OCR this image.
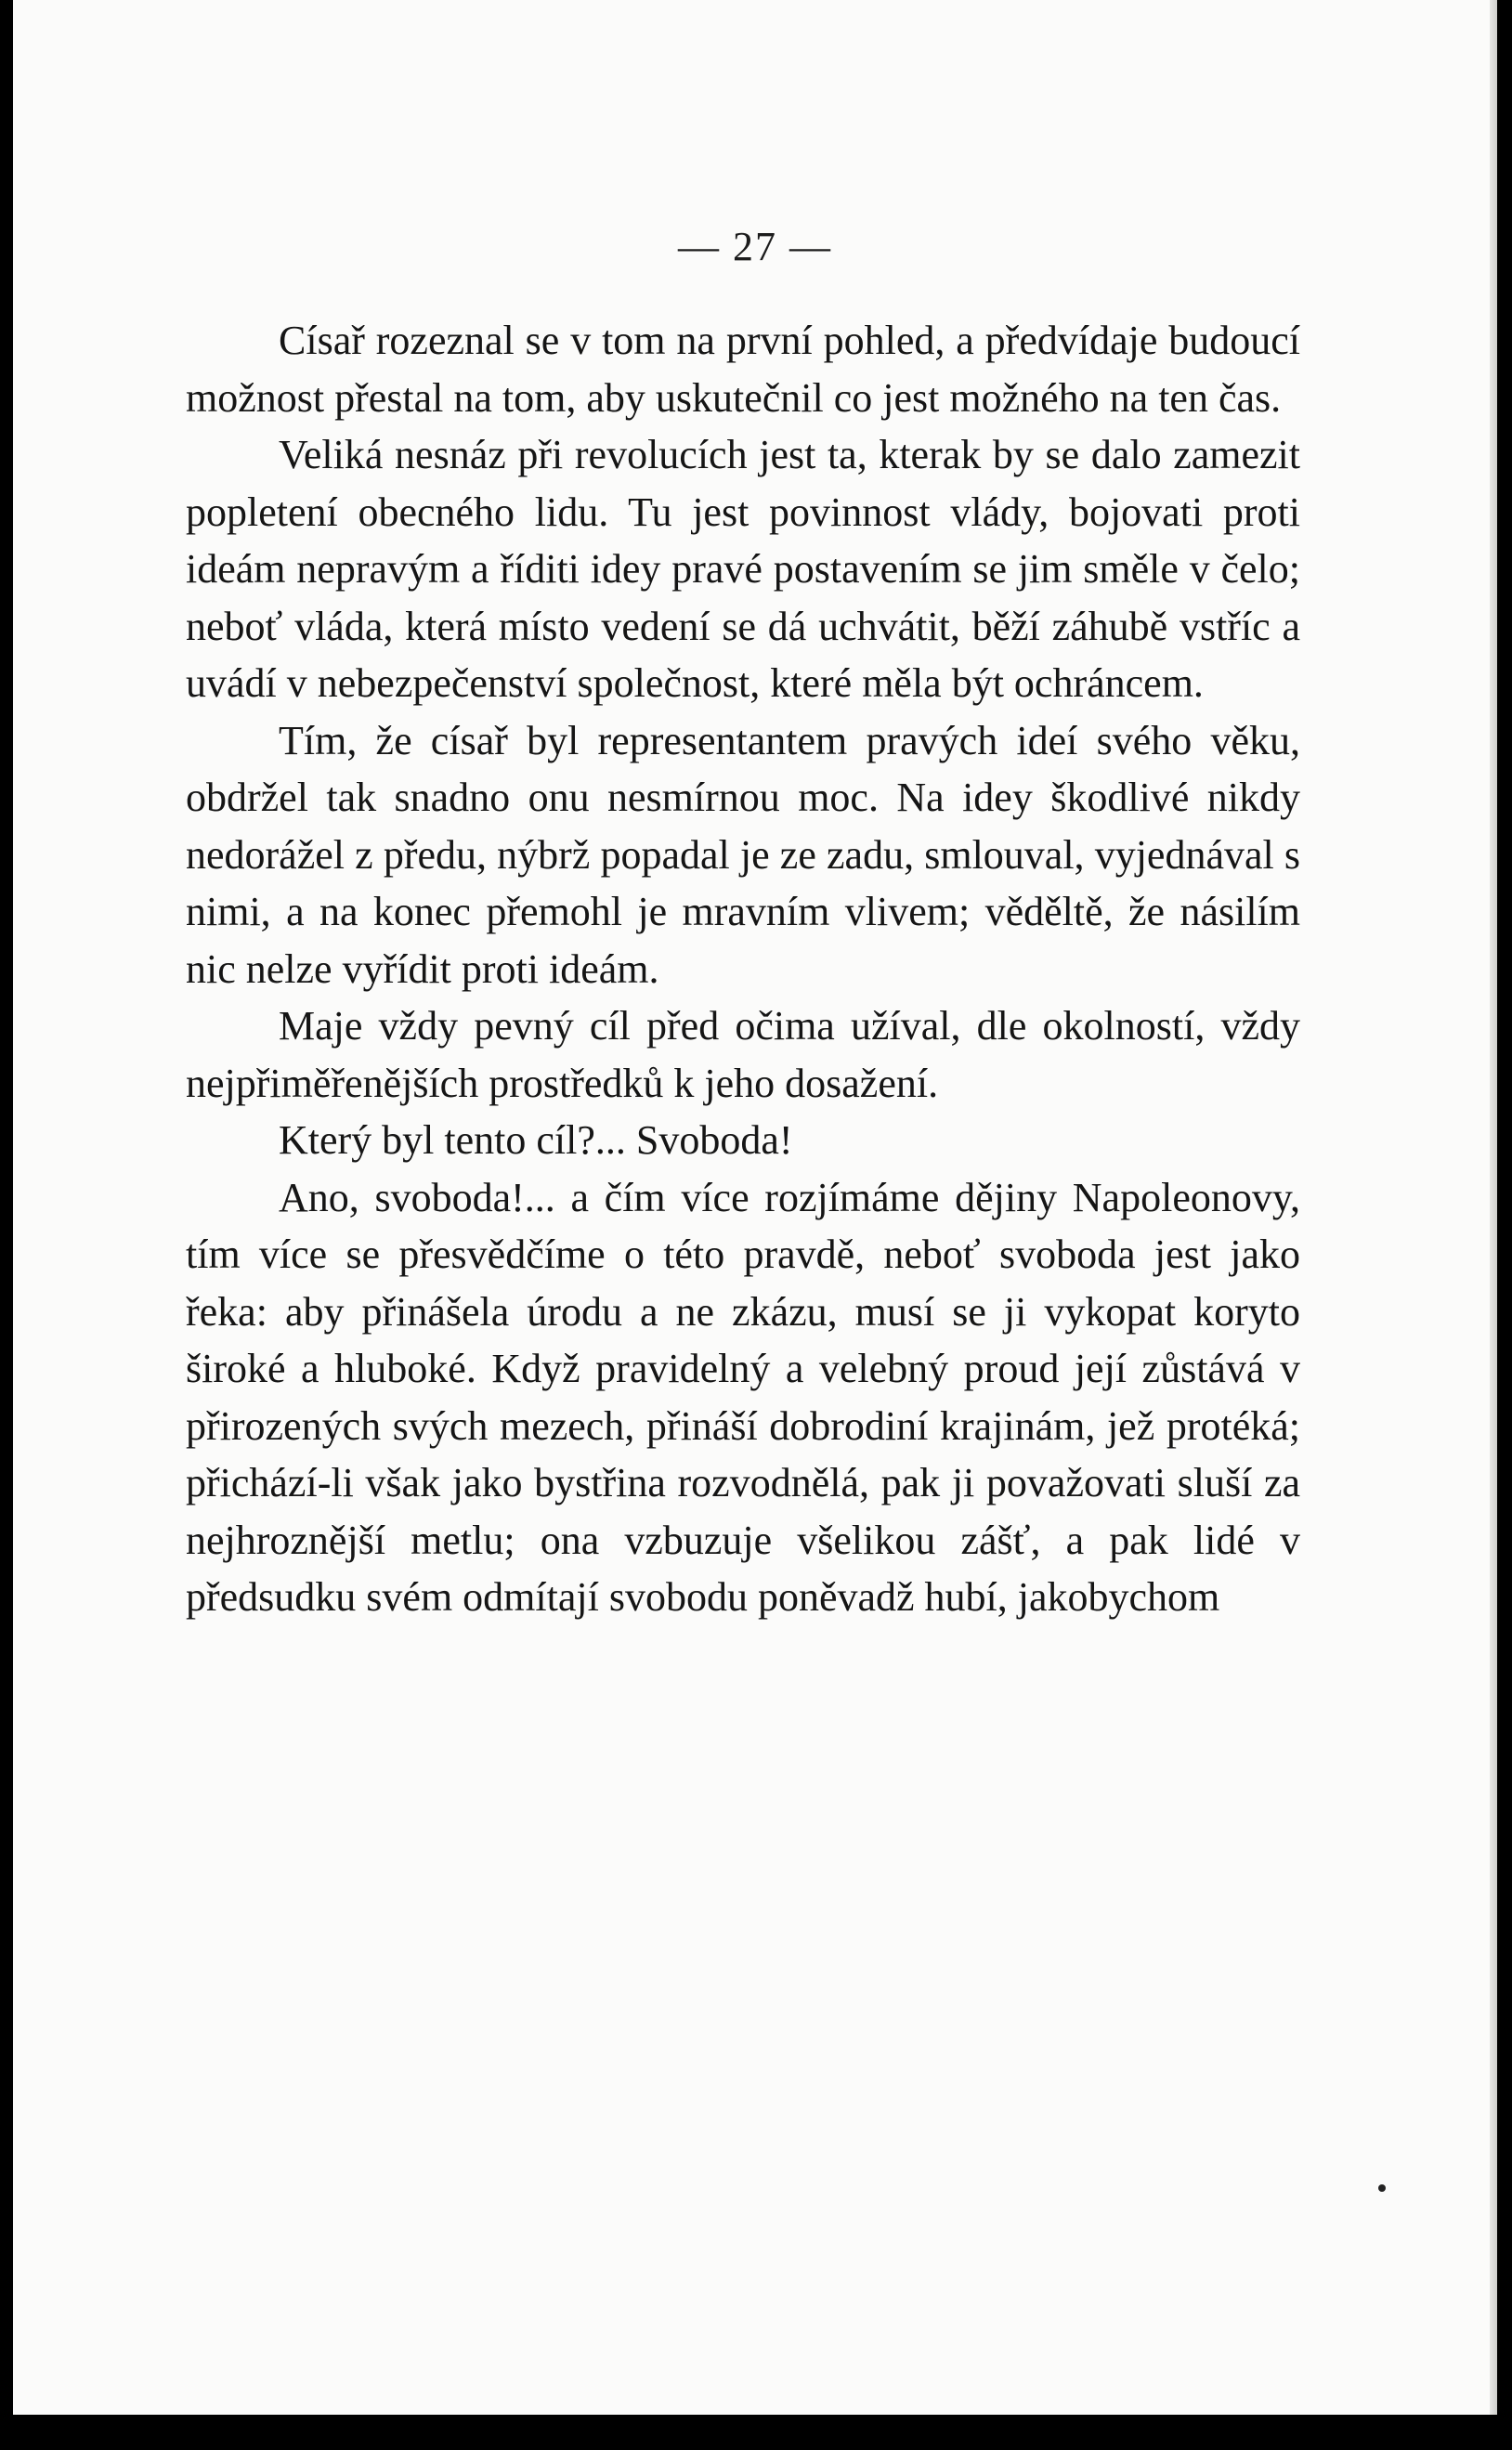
— 27 —

Císař rozeznal se v tom na první pohled, a předvídaje budoucí možnost přestal na tom, aby uskutečnil co jest možného na ten čas.

Veliká nesnáz při revolucích jest ta, kterak by se dalo zamezit popletení obecného lidu. Tu jest povinnost vlády, bojovati proti ideám nepravým a říditi idey pravé postavením se jim směle v čelo; neboť vláda, která místo vedení se dá uchvátit, běží záhubě vstříc a uvádí v nebezpečenství společnost, které měla být ochráncem.

Tím, že císař byl representantem pravých ideí svého věku, obdržel tak snadno onu nesmírnou moc. Na idey škodlivé nikdy nedorážel z předu, nýbrž popadal je ze zadu, smlouval, vyjednával s nimi, a na konec přemohl je mravním vlivem; věděltě, že násilím nic nelze vyřídit proti ideám.

Maje vždy pevný cíl před očima užíval, dle okolností, vždy nejpřiměřenějších prostředků k jeho dosažení.

Který byl tento cíl?... Svoboda!

Ano, svoboda!... a čím více rozjímáme dějiny Napoleonovy, tím více se přesvědčíme o této pravdě, neboť svoboda jest jako řeka: aby přinášela úrodu a ne zkázu, musí se ji vykopat koryto široké a hluboké. Když pravidelný a velebný proud její zůstává v přirozených svých mezech, přináší dobrodiní krajinám, jež protéká; přichází-li však jako bystřina rozvodnělá, pak ji považovati sluší za nejhroznější metlu; ona vzbuzuje všelikou zášť, a pak lidé v předsudku svém odmítají svobodu poněvadž hubí, jakobychom
